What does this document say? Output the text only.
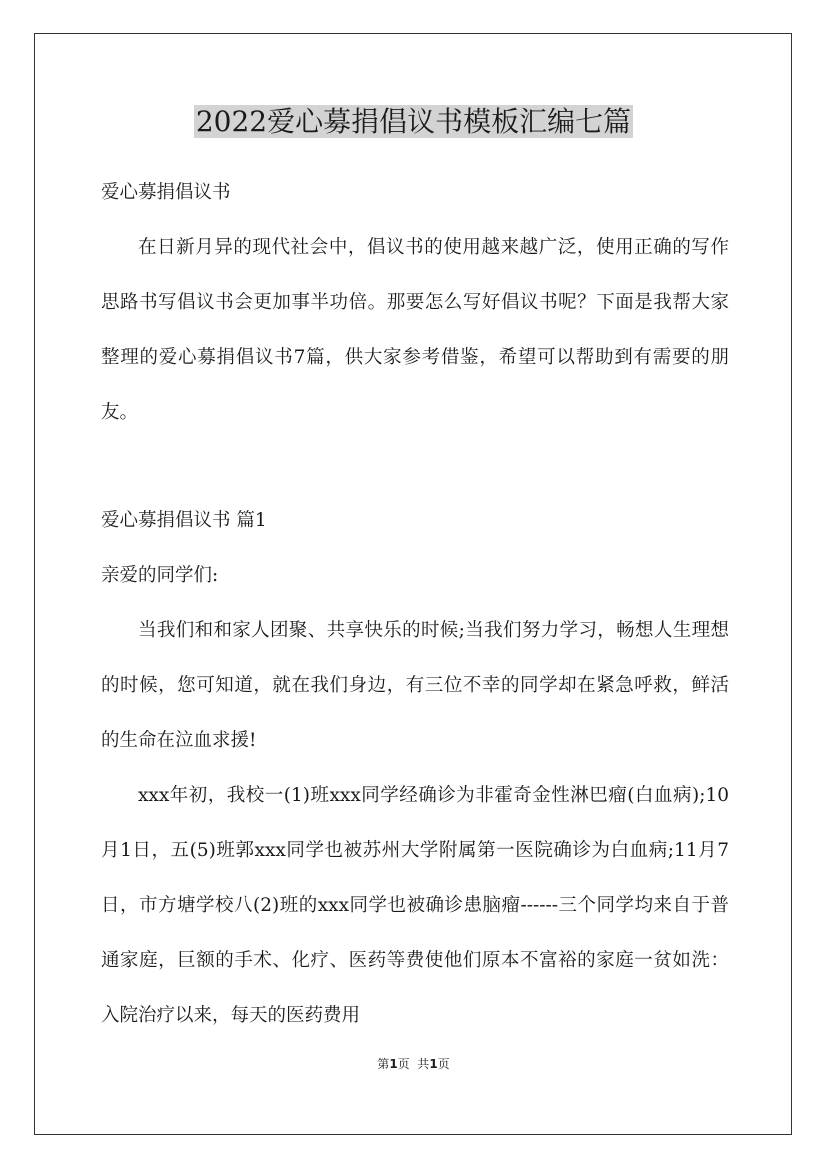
2022爱心募捐倡议书模板汇编七篇

爱心募捐倡议书

在日新月异的现代社会中，倡议书的使用越来越广泛，使用正确的写作思路书写倡议书会更加事半功倍。那要怎么写好倡议书呢？下面是我帮大家整理的爱心募捐倡议书7篇，供大家参考借鉴，希望可以帮助到有需要的朋友。

爱心募捐倡议书 篇1

亲爱的同学们:

当我们和和家人团聚、共享快乐的时候;当我们努力学习，畅想人生理想的时候，您可知道，就在我们身边，有三位不幸的同学却在紧急呼救，鲜活的生命在泣血求援!

xxx年初，我校一(1)班xxx同学经确诊为非霍奇金性淋巴瘤(白血病);10月1日，五(5)班郭xxx同学也被苏州大学附属第一医院确诊为白血病;11月7日，市方塘学校八(2)班的xxx同学也被确诊患脑瘤------三个同学均来自于普通家庭，巨额的手术、化疗、医药等费使他们原本不富裕的家庭一贫如洗：入院治疗以来，每天的医药费用

第1页  共1页
